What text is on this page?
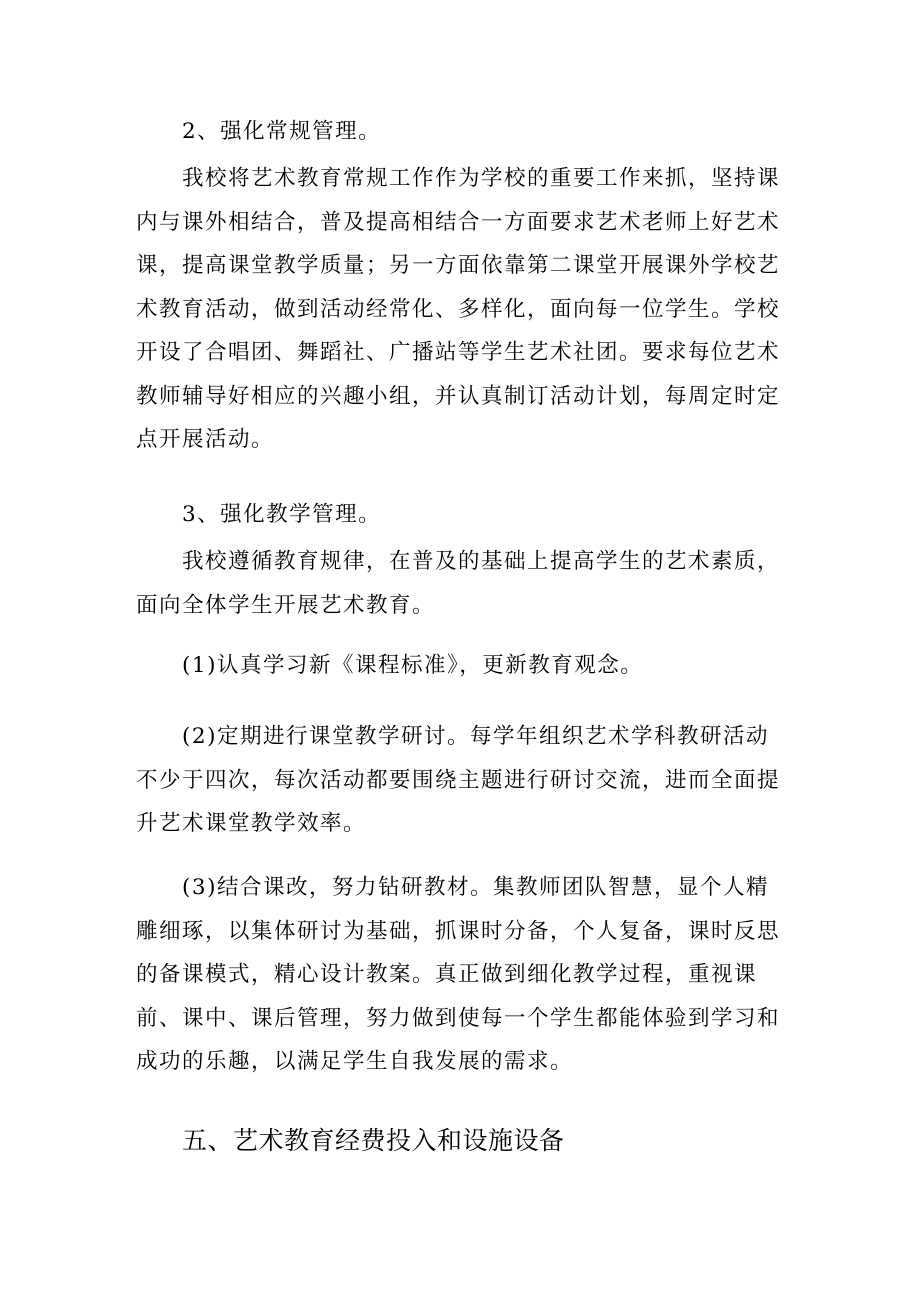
2、强化常规管理。

我校将艺术教育常规工作作为学校的重要工作来抓，坚持课内与课外相结合，普及提高相结合一方面要求艺术老师上好艺术课，提高课堂教学质量；另一方面依靠第二课堂开展课外学校艺术教育活动，做到活动经常化、多样化，面向每一位学生。学校开设了合唱团、舞蹈社、广播站等学生艺术社团。要求每位艺术教师辅导好相应的兴趣小组，并认真制订活动计划，每周定时定点开展活动。

3、强化教学管理。

我校遵循教育规律，在普及的基础上提高学生的艺术素质，面向全体学生开展艺术教育。

(1)认真学习新《课程标准》，更新教育观念。

(2)定期进行课堂教学研讨。每学年组织艺术学科教研活动不少于四次，每次活动都要围绕主题进行研讨交流，进而全面提升艺术课堂教学效率。

(3)结合课改，努力钻研教材。集教师团队智慧，显个人精雕细琢，以集体研讨为基础，抓课时分备，个人复备，课时反思的备课模式，精心设计教案。真正做到细化教学过程，重视课前、课中、课后管理，努力做到使每一个学生都能体验到学习和成功的乐趣，以满足学生自我发展的需求。

五、艺术教育经费投入和设施设备
